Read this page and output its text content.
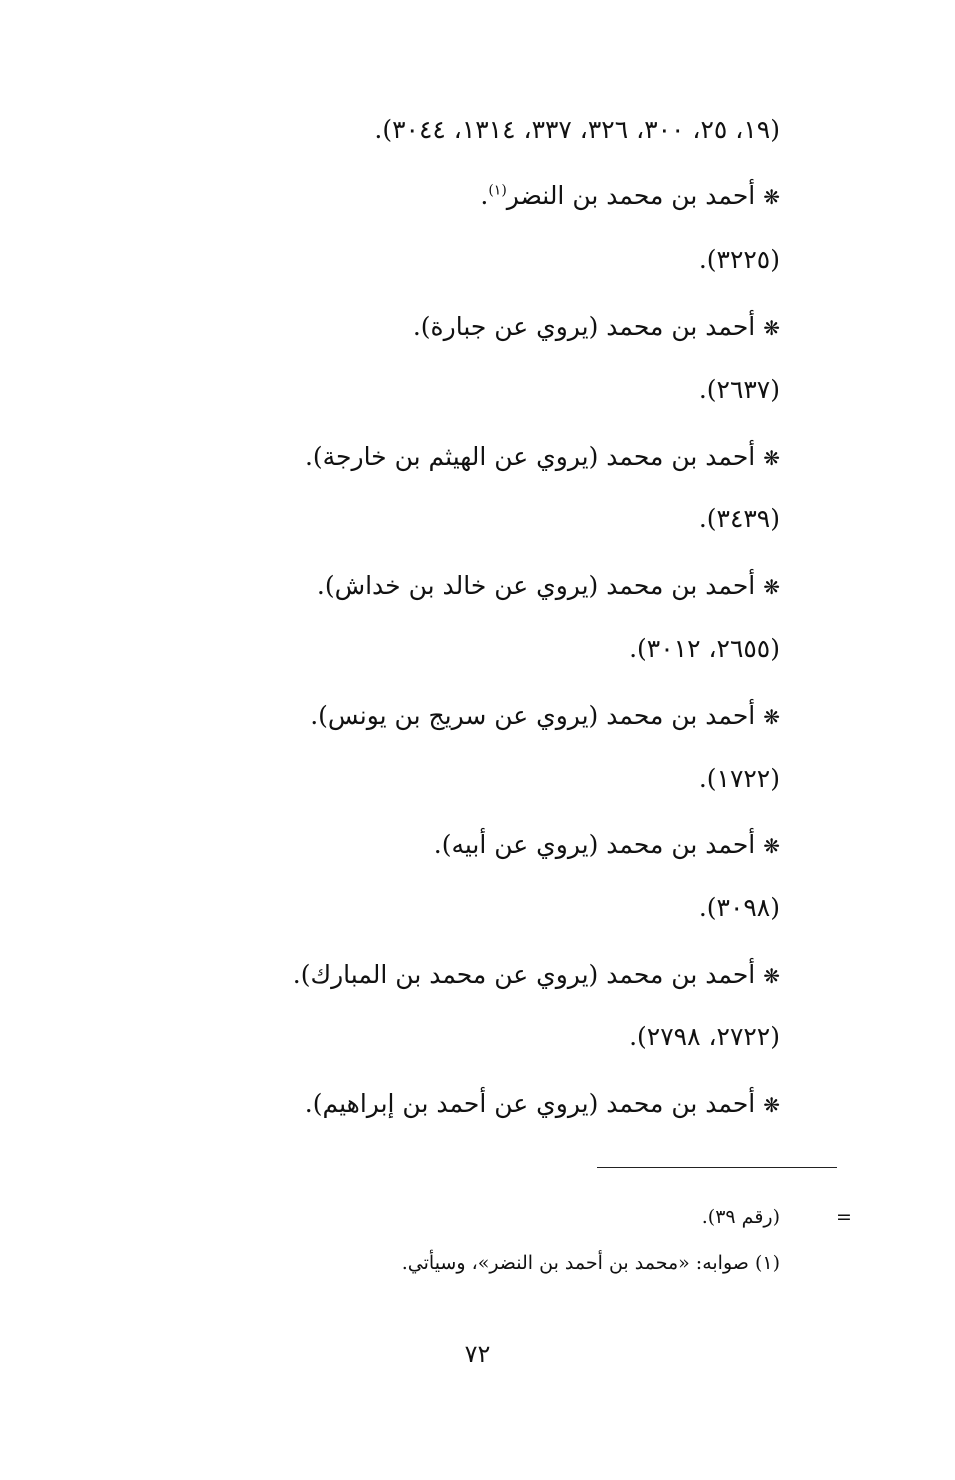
(١٩، ٢٥، ٣٠٠، ٣٢٦، ٣٣٧، ١٣١٤، ٣٠٤٤).
❋أحمد بن محمد بن النضر$^{(١)}$.
(٣٢٢٥).
❋أحمد بن محمد (يروي عن جبارة).
(٢٦٣٧).
❋أحمد بن محمد (يروي عن الهيثم بن خارجة).
(٣٤٣٩).
❋أحمد بن محمد (يروي عن خالد بن خداش).
(٢٦٥٥، ٣٠١٢).
❋أحمد بن محمد (يروي عن سريج بن يونس).
(١٧٢٢).
❋أحمد بن محمد (يروي عن أبيه).
(٣٠٩٨).
❋أحمد بن محمد (يروي عن محمد بن المبارك).
(٢٧٢٢، ٢٧٩٨).
❋أحمد بن محمد (يروي عن أحمد بن إبراهيم).
=
(رقم ٣٩).
(١) صوابه: «محمد بن أحمد بن النضر»، وسيأتي.
٧٢
